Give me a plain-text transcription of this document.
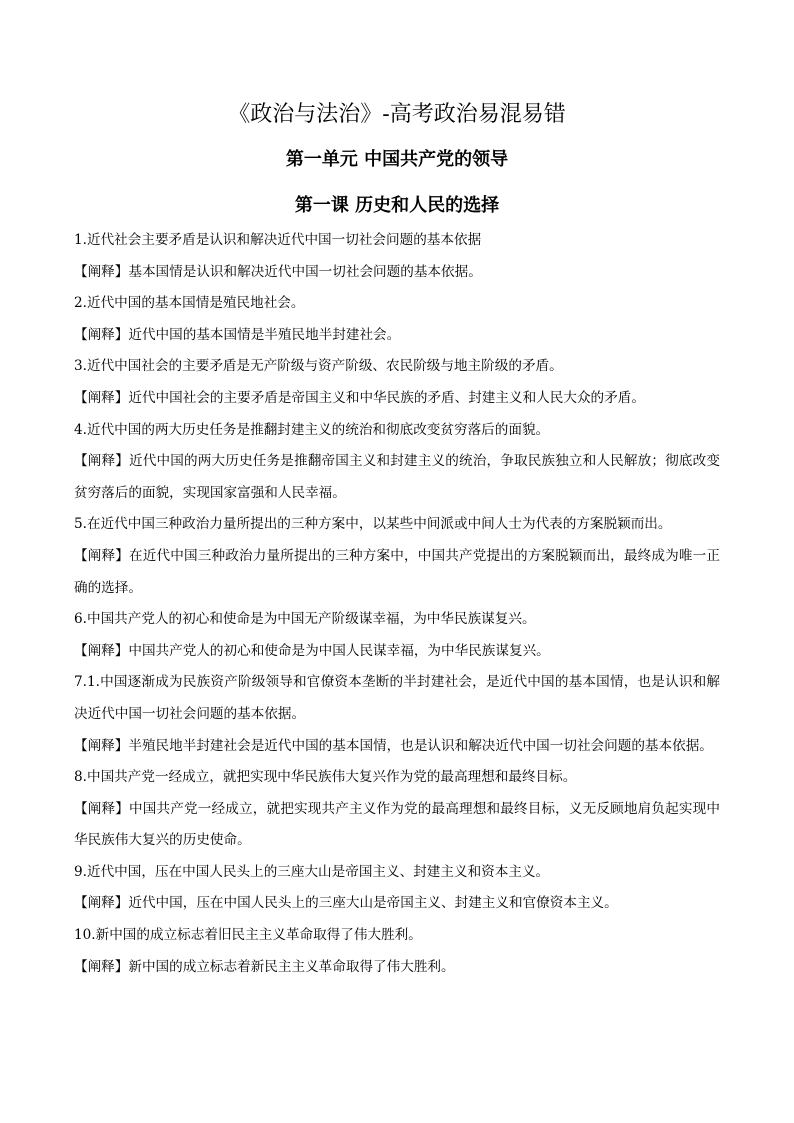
《政治与法治》-高考政治易混易错
第一单元 中国共产党的领导
第一课 历史和人民的选择

1.近代社会主要矛盾是认识和解决近代中国一切社会问题的基本依据

【阐释】基本国情是认识和解决近代中国一切社会问题的基本依据。

2.近代中国的基本国情是殖民地社会。

【阐释】近代中国的基本国情是半殖民地半封建社会。

3.近代中国社会的主要矛盾是无产阶级与资产阶级、农民阶级与地主阶级的矛盾。

【阐释】近代中国社会的主要矛盾是帝国主义和中华民族的矛盾、封建主义和人民大众的矛盾。

4.近代中国的两大历史任务是推翻封建主义的统治和彻底改变贫穷落后的面貌。

【阐释】近代中国的两大历史任务是推翻帝国主义和封建主义的统治，争取民族独立和人民解放；彻底改变贫穷落后的面貌，实现国家富强和人民幸福。

5.在近代中国三种政治力量所提出的三种方案中，以某些中间派或中间人士为代表的方案脱颖而出。

【阐释】在近代中国三种政治力量所提出的三种方案中，中国共产党提出的方案脱颖而出，最终成为唯一正确的选择。

6.中国共产党人的初心和使命是为中国无产阶级谋幸福，为中华民族谋复兴。

【阐释】中国共产党人的初心和使命是为中国人民谋幸福，为中华民族谋复兴。

7.1.中国逐渐成为民族资产阶级领导和官僚资本垄断的半封建社会，是近代中国的基本国情，也是认识和解决近代中国一切社会问题的基本依据。

【阐释】半殖民地半封建社会是近代中国的基本国情，也是认识和解决近代中国一切社会问题的基本依据。

8.中国共产党一经成立，就把实现中华民族伟大复兴作为党的最高理想和最终目标。

【阐释】中国共产党一经成立，就把实现共产主义作为党的最高理想和最终目标，义无反顾地肩负起实现中华民族伟大复兴的历史使命。

9.近代中国，压在中国人民头上的三座大山是帝国主义、封建主义和资本主义。

【阐释】近代中国，压在中国人民头上的三座大山是帝国主义、封建主义和官僚资本主义。

10.新中国的成立标志着旧民主主义革命取得了伟大胜利。

【阐释】新中国的成立标志着新民主主义革命取得了伟大胜利。
